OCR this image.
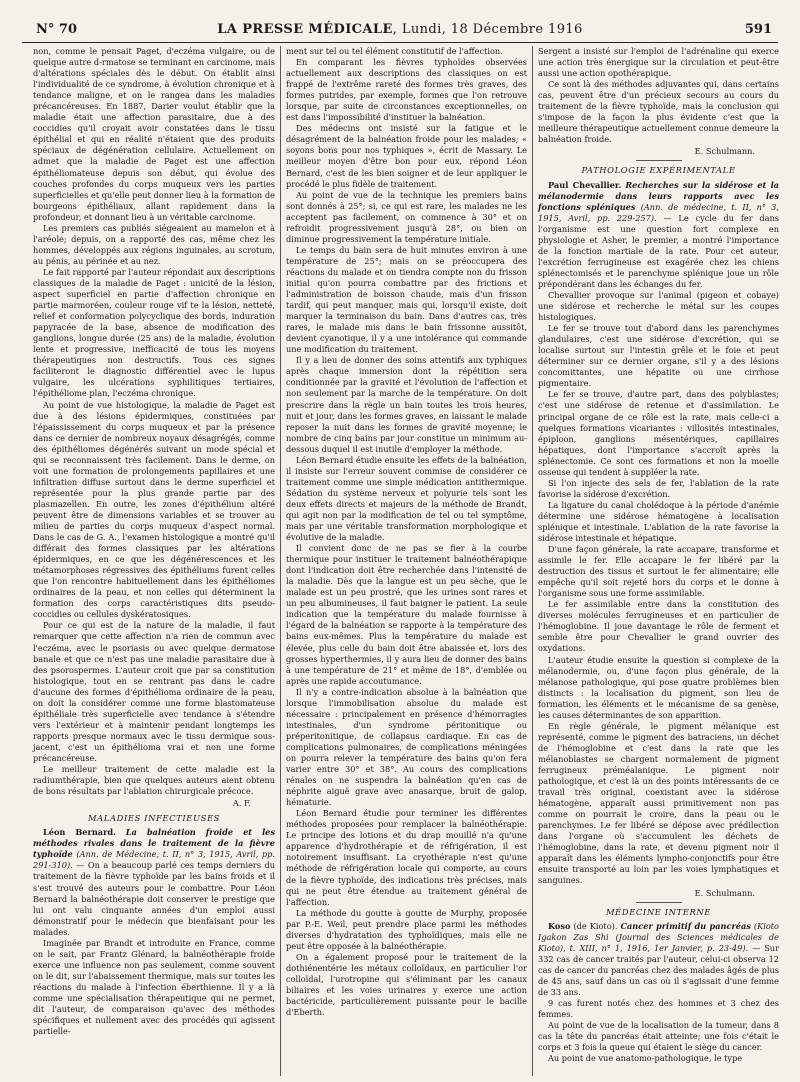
N° 70	LA PRESSE MÉDICALE, Lundi, 18 Décembre 1916	591

non, comme le pensait Paget, d'eczéma vulgaire, ou de quelque autre d-rmatose se terminant en carcinome, mais d'altérations spéciales dès le début. On établit ainsi l'individualité de ce syndrome, à évolution chronique et à tendance maligne, et on le rangea dans les maladies précancéreuses. En 1887, Darier voulut établir que la maladie était une affection parasitaire, due à des coccidies qu'il croyait avoir constatées dans le tissu épithélial et qui en réalité n'étaient que des produits spéciaux de dégénération cellulaire. Actuellement on admet que la maladie de Paget est une affection épithéliomateuse depuis son début, qui évolue des couches profondes du corps muqueux vers les parties superficielles et qu'elle peut donner lieu à la formation de bourgeons épithéliaux, allant rapidement dans la profondeur, et donnant lieu à un véritable carcinome.

Les premiers cas publiés siégeaient au mamelon et à l'aréole; depuis, on a rapporté des cas, même chez les hommes, développés aux régions inguinales, au scrotum, au pénis, au périnée et au nez.

Le fait rapporté par l'auteur répondait aux descriptions classiques de la maladie de Paget : unicité de la lésion, aspect superficiel en partie d'affection chronique en partie marmoréen, couleur rouge vif te la lésion, netteté, relief et conformation polycyclique des bords, induration papyracée de la base, absence de modification des ganglions, longue durée (25 ans) de la maladie, évolution lente et progressive, inefficacité de tous les moyens thérapeutiques non destructifs. Tous ces signes faciliteront le diagnostic différentiel avec le lupus vulgaire, les ulcérations syphilitiques tertiaires, l'épithéliome plan, l'eczéma chronique.

Au point de vue histologique, la maladie de Paget est due à des lésions épidermiques, constituées par l'épaississement du corps muqueux et par la présence dans ce dernier de nombreux noyaux désagrégés, comme des épithéliomes dégénérés suivant un mode spécial et qui se reconnaissent très facilement. Dans le derme, on voit une formation de prolongements papillaires et une infiltration diffuse surtout dans le derme superficiel et représentée pour la plus grande partie par des plasmazellen. En outre, les zones d'épithélium altéré peuvent être de dimensions variables et se trouver au milieu de parties du corps muqueux d'aspect normal. Dans le cas de G. A., l'examen histologique a montré qu'il différait des formes classiques par les altérations épidermiques, en ce que les dégénérescences et les métamorphoses régressives des épithéliums furent celles que l'on rencontre habituellement dans les épithéliomes ordinaires de la peau, et non celles qui déterminent la formation des corps caractéristiques dits pseudo-coccidies ou cellules dyskératosiques.

Pour ce qui est de la nature de la maladie, il faut remarquer que cette affection n'a rien de commun avec l'eczéma, avec le psoriasis ou avec quelque dermatose banale et que ce n'est pas une maladie parasitaire due à des psorospermes. L'auteur croit que par sa constitution histologique, tout en se rentrant pas dans le cadre d'aucune des formes d'épithélioma ordinaire de la peau, on doit la considérer comme une forme blastomateuse épithéliale très superficielle avec tendance à s'étendre vers l'extérieur et à maintenir pendant longtemps les rapports presque normaux avec le tissu dermique sous-jacent, c'est un épithélioma vrai et non une forme précancéreuse.

Le meilleur traitement de cette maladie est la radiumthérapie, bien que quelques auteurs aient obtenu de bons résultats par l'ablation chirurgicale précoce.

A. F.
MALADIES INFECTIEUSES

Léon Bernard. La balnéation froide et les méthodes rivales dans le traitement de la fièvre typhoïde (Ann. de Médecine, t. II, n° 3, 1915, Avril, pp. 291-310). — On a beaucoup parlé ces temps derniers du traitement de la fièvre typhoïde par les bains froids et il s'est trouvé des auteurs pour le combattre. Pour Léon Bernard la balnéothérapie doit conserver le prestige que lui ont valu cinquante années d'un emploi aussi démonstratif pour le médecin que bienfaisant pour les malades.

Imaginée par Brandt et introduite en France, comme on le sait, par Frantz Glénard, la balnéothérapie froide exerce une influence non pas seulement, comme souvent on le dit, sur l'abaissement thermique, mais sur toutes les réactions du malade à l'infection éberthienne. Il y a là comme une spécialisation thérapeutique qui ne permet, dit l'auteur, de comparaison qu'avec des méthodes spécifiques et nullement avec des procédés qui agissent partielle-

ment sur tel ou tel élément constitutif de l'affection.

En comparant les fièvres typhoïdes observées actuellement aux descriptions des classiques on est frappé de l'extrême rareté des formes très graves, des formes putrides, par exemple, formes que l'on retrouve lorsque, par suite de circonstances exceptionnelles, on est dans l'impossibilité d'instituer la balnéation.

Des médecins ont insisté sur la fatigue et le désagrément de la balnéation froide pour les malades; « soyons bons pour nos typhiques », écrit de Massary. Le meilleur moyen d'être bon pour eux, répond Léon Bernard, c'est de les bien soigner et de leur appliquer le procédé le plus fidèle de traitement.

Au point de vue de la technique les premiers bains sont donnés à 25°; si, ce qui est rare, les malades ne les acceptent pas facilement, on commence à 30° et on refroidit progressivement jusqu'à 28°, ou bien on diminue progressivement la température initiale.

Le temps du bain sera de huit minutes environ à une température de 25°; mais on se préoccupera des réactions du malade et on tiendra compte non du frisson initial qu'on pourra combattre par des frictions et l'administration de boisson chaude, mais d'un frisson tardif, qui peut manquer, mais qui, lorsqu'il existe, doit marquer la terminaison du bain. Dans d'autres cas, très rares, le malade mis dans le bain frissonne aussitôt, devient cyanotique, il y a une intolérance qui commande une modification du traitement.

Il y a lieu de donner des soins attentifs aux typhiques après chaque immersion dont la répétition sera conditionnée par la gravité et l'évolution de l'affection et non seulement par la marche de la température. On doit prescrire dans la règle un bain toutes les trois heures, nuit et jour, dans les formes graves, en laissant le malade reposer la nuit dans les formes de gravité moyenne; le nombre de cinq bains par jour constitue un minimum au-dessous duquel il est inutile d'employer la méthode.

Léon Bernard étudie ensuite les effets de la balnéation, il insiste sur l'erreur souvent commise de considérer ce traitement comme une simple médication antithermique. Sédation du système nerveux et polyurie tels sont les deux effets directs et majeurs de la méthode de Brandt, qui agit non par la modification de tel ou tel symptôme, mais par une véritable transformation morphologique et évolutive de la maladie.

Il convient donc de ne pas se fier à la courbe thermique pour instituer le traitement balnéothérapique dont l'indication doit être recherchée dans l'intensité de la maladie. Dès que la langue est un peu sèche, que le malade est un peu prostré, que les urines sont rares et un peu albumineuses, il faut baigner le patient. La seule indication que la température du malade fournisse à l'égard de la balnéation se rapporte à la température des bains eux-mêmes. Plus la température du malade est élevée, plus celle du bain doit être abaissée et, lors des grosses hyperthermies, il y aura lieu de donner des bains à une température de 21° et même de 18°, d'emblée ou après une rapide accoutumance.

Il n'y a contre-indication absolue à la balnéation que lorsque l'immobilisation absolue du malade est nécessaire : principalement en présence d'hémorragies intestinales, d'un syndrome péritonitique ou préperitonitique, de collapsus cardiaque. En cas de complications pulmonaires, de complications méningées on pourra relever la température des bains qu'on fera varier entre 30° et 38°. Au cours des complications rénales on ne suspendra la balnéation qu'en cas de néphrite aiguë grave avec anasarque, bruit de galop, hématurie.

Léon Bernard étudie pour terminer les différentes méthodes proposées pour remplacer la balnéothérapie. Le principe des lotions et du drap mouillé n'a qu'une apparence d'hydrothérapie et de réfrigération, il est notoirement insuffisant. La cryothérapie n'est qu'une méthode de réfrigération locale qui comporte, au cours de la fièvre typhoïde, des indications très précises, mais qui ne peut être étendue au traitement général de l'affection.

La méthode du goutte à goutte de Murphy, proposée par P.-E. Weil, peut prendre place parmi les méthodes diverses d'hydratation des typhoïdiques, mais elle ne peut être opposée à la balnéothérapie.

On a également proposé pour le traitement de la dothiénentérie les métaux colloïdaux, en particulier l'or colloïdal, l'urotropine qui s'éliminant par les canaux biliaires et les voies urinaires y exerce une action bactéricide, particulièrement puissante pour le bacille d'Eberth.

Sergent a insisté sur l'emploi de l'adrénaline qui exerce une action très énergique sur la circulation et peut-être aussi une action opothérapique.

Ce sont là des méthodes adjuvantes qui, dans certains cas, peuvent être d'un précieux secours au cours du traitement de la fièvre typhoïde, mais la conclusion qui s'impose de la façon la plus évidente c'est que la meilleure thérapeutique actuellement connue demeure la balnéation froide.

E. Schulmann.
PATHOLOGIE EXPÉRIMENTALE

Paul Chevallier. Recherches sur la sidérose et la mélanodermie dans leurs rapports avec les fonctions spléniques (Ann. de médecine, t. II, n° 3, 1915, Avril, pp. 229-257). — Le cycle du fer dans l'organisme est une question fort complexe en physiologie et Asher, le premier, a montré l'importance de la fonction martiale de la rate. Pour cet auteur, l'excrétion ferrugineuse est exagérée chez les chiens splénectomisés et le parenchyme splénique joue un rôle prépondérant dans les échanges du fer.

Chevallier provoque sur l'animal (pigeon et cobaye) une sidérose et recherche le métal sur les coupes histologiques.

Le fer se trouve tout d'abord dans les parenchymes glandulaires, c'est une sidérose d'excrétion, qui se localise surtout sur l'intestin grêle et le foie et peut déterminer sur ce dernier organe, s'il y a des lésions concomittantes, une hépatite ou une cirrhose pigmentaire.

Le fer se trouve, d'autre part, dans des polyblastes; c'est une sidérose de retenue et d'assimilation. Le principal organe de ce rôle est la rate, mais celle-ci a quelques formations vicariantes : villosités intestinales, épiploon, ganglions mésentériques, capillaires hépatiques, dont l'importance s'accroît après la splénectomie. Ce sont ces formations et non la moelle osseuse qui tendent à suppléer la rate.

Si l'on injecte des sels de fer, l'ablation de la rate favorise la sidérose d'excrétion.

La ligature du canal cholédoque à la période d'anémie détermine une sidérose hématogène à localisation splénique et intestinale. L'ablation de la rate favorise la sidérose intestinale et hépatique.

D'une façon générale, la rate accapare, transforme et assimile le fer. Elle accapare le fer libéré par la destruction des tissus et surtout le fer alimentaire; elle empêche qu'il soit rejeté hors du corps et le donne à l'organisme sous une forme assimilable.

Le fer assimilable entre dans la constitution des diverses molécules ferrugineuses et en particulier de l'hémoglobine. Il joue davantage le rôle de ferment et semble être pour Chevallier le grand ouvrier des oxydations.

L'auteur étudie ensuite la question si complexe de la mélanodermie, ou, d'une façon plus générale, de la mélanose pathologique, qui pose quatre problèmes bien distincts : la localisation du pigment, son lieu de formation, les éléments et le mécanisme de sa genèse, les causes déterminantes de son apparition.

En règle générale, le pigment mélanique est représenté, comme le pigment des batraciens, un déchet de l'hémoglobine et c'est dans la rate que les mélanoblastes se chargent normalement de pigment ferrugineux préméalanique. Le pigment noir pathologique, et c'est là un des points intéressants de ce travail très original, coexistant avec la sidérose hématogène, apparaît aussi primitivement non pas comme on pourrait le croire, dans la peau ou le parenchymes. Le fer libéré se dépose avec prédilection dans l'organe où s'accumulent les déchets de l'hémoglobine, dans la rate, et devenu pigment noir il apparaît dans les éléments lympho-conjonctifs pour être ensuite transporté au loin par les voies lymphatiques et sanguines.

E. Schulmann.
MÉDECINE INTERNE

Koso (de Kioto). Cancer primitif du pancréas (Kioto Igakon Zas Shi (Journal des Sciences médicales de Kioto), t. XIII, n° 1, 1916, 1er Janvier, p. 23-49). — Sur 332 cas de cancer traités par l'auteur, celui-ci observa 12 cas de cancer du pancréas chez des malades âgés de plus de 45 ans, sauf dans un cas où il s'agissait d'une femme de 33 ans.

9 cas furent notés chez des hommes et 3 chez des femmes.

Au point de vue de la localisation de la tumeur, dans 8 cas la tête du pancréas était atteinte; une fois c'était le corps et 3 fois la queue qui étaient le siège du cancer.

Au point de vue anatomo-pathologique, le type
